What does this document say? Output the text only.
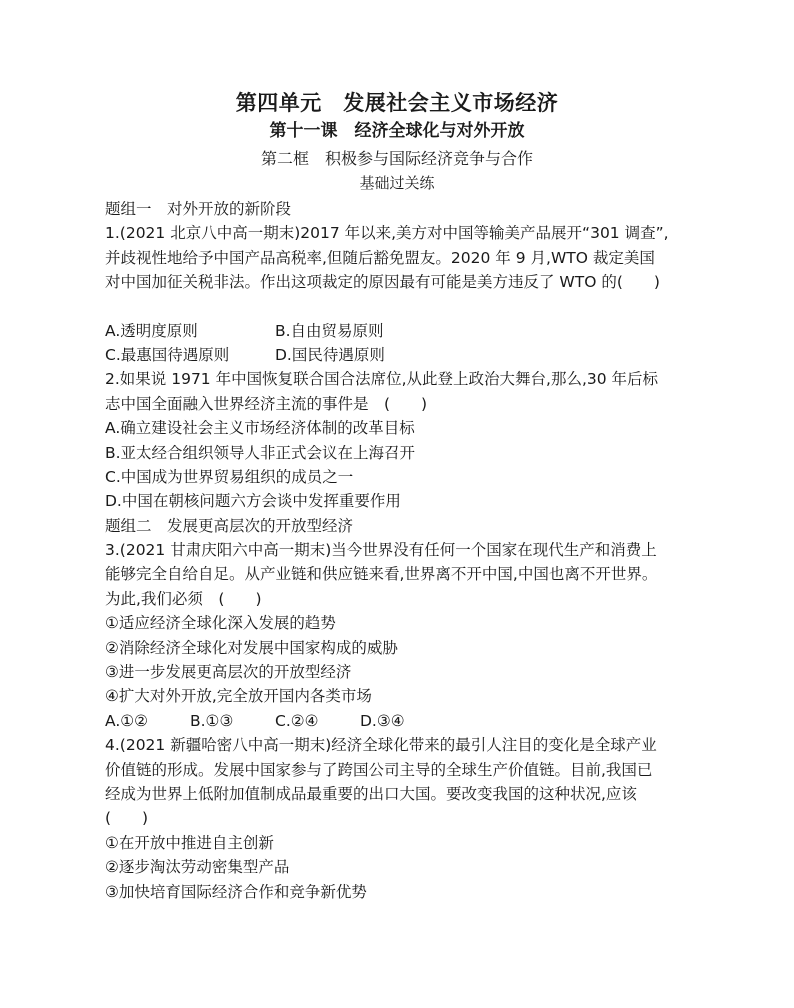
第四单元　发展社会主义市场经济
第十一课　经济全球化与对外开放
第二框　积极参与国际经济竞争与合作
基础过关练
题组一　对外开放的新阶段
1.(2021 北京八中高一期末)2017 年以来,美方对中国等输美产品展开“301 调查”,
并歧视性地给予中国产品高税率,但随后豁免盟友。2020 年 9 月,WTO 裁定美国
对中国加征关税非法。作出这项裁定的原因最有可能是美方违反了 WTO 的(　　)
A.透明度原则	B.自由贸易原则
C.最惠国待遇原则	D.国民待遇原则
2.如果说 1971 年中国恢复联合国合法席位,从此登上政治大舞台,那么,30 年后标
志中国全面融入世界经济主流的事件是　(　　)
A.确立建设社会主义市场经济体制的改革目标
B.亚太经合组织领导人非正式会议在上海召开
C.中国成为世界贸易组织的成员之一
D.中国在朝核问题六方会谈中发挥重要作用
题组二　发展更高层次的开放型经济
3.(2021 甘肃庆阳六中高一期末)当今世界没有任何一个国家在现代生产和消费上
能够完全自给自足。从产业链和供应链来看,世界离不开中国,中国也离不开世界。
为此,我们必须　(　　)
①适应经济全球化深入发展的趋势
②消除经济全球化对发展中国家构成的威胁
③进一步发展更高层次的开放型经济
④扩大对外开放,完全放开国内各类市场
A.①②	B.①③	C.②④	D.③④
4.(2021 新疆哈密八中高一期末)经济全球化带来的最引人注目的变化是全球产业
价值链的形成。发展中国家参与了跨国公司主导的全球生产价值链。目前,我国已
经成为世界上低附加值制成品最重要的出口大国。要改变我国的这种状况,应该
(　　)
①在开放中推进自主创新
②逐步淘汰劳动密集型产品
③加快培育国际经济合作和竞争新优势
